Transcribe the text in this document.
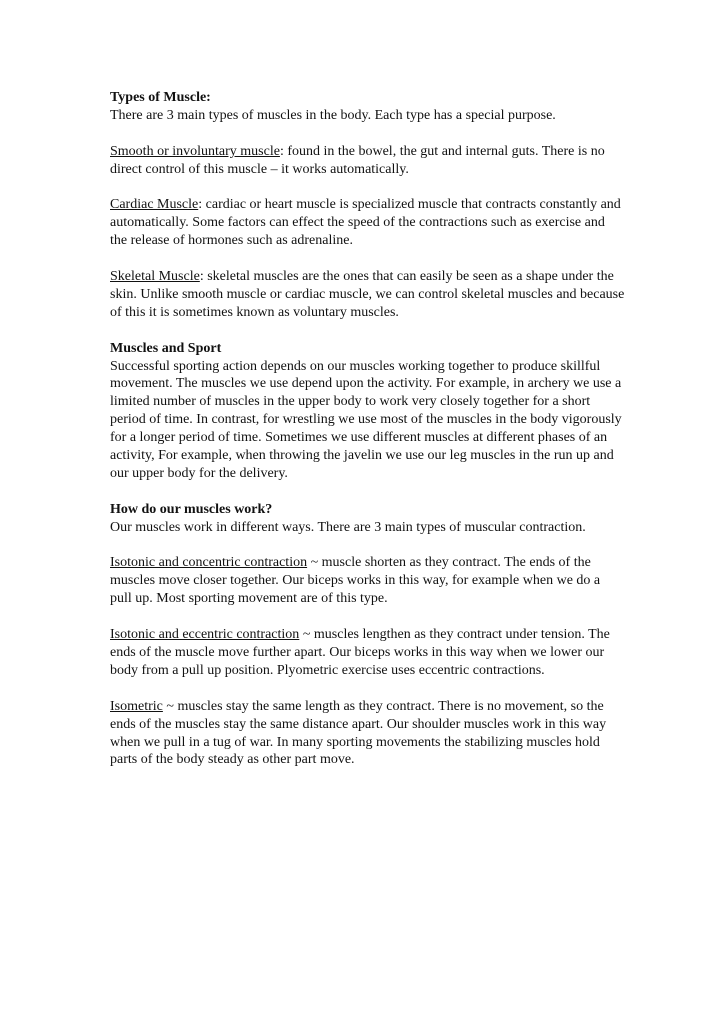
Types of Muscle:
There are 3 main types of muscles in the body. Each type has a special purpose.

Smooth or involuntary muscle: found in the bowel, the gut and internal guts. There is no direct control of this muscle – it works automatically.

Cardiac Muscle: cardiac or heart muscle is specialized muscle that contracts constantly and automatically. Some factors can effect the speed of the contractions such as exercise and the release of hormones such as adrenaline.

Skeletal Muscle: skeletal muscles are the ones that can easily be seen as a shape under the skin. Unlike smooth muscle or cardiac muscle, we can control skeletal muscles and because of this it is sometimes known as voluntary muscles.

Muscles and Sport
Successful sporting action depends on our muscles working together to produce skillful movement. The muscles we use depend upon the activity. For example, in archery we use a limited number of muscles in the upper body to work very closely together for a short period of time. In contrast, for wrestling we use most of the muscles in the body vigorously for a longer period of time. Sometimes we use different muscles at different phases of an activity, For example, when throwing the javelin we use our leg muscles in the run up and our upper body for the delivery.

How do our muscles work?
Our muscles work in different ways. There are 3 main types of muscular contraction.

Isotonic and concentric contraction ~ muscle shorten as they contract. The ends of the muscles move closer together. Our biceps works in this way, for example when we do a pull up. Most sporting movement are of this type.

Isotonic and eccentric contraction ~ muscles lengthen as they contract under tension. The ends of the muscle move further apart. Our biceps works in this way when we lower our body from a pull up position. Plyometric exercise uses eccentric contractions.

Isometric ~ muscles stay the same length as they contract. There is no movement, so the ends of the muscles stay the same distance apart. Our shoulder muscles work in this way when we pull in a tug of war. In many sporting movements the stabilizing muscles hold parts of the body steady as other part move.
